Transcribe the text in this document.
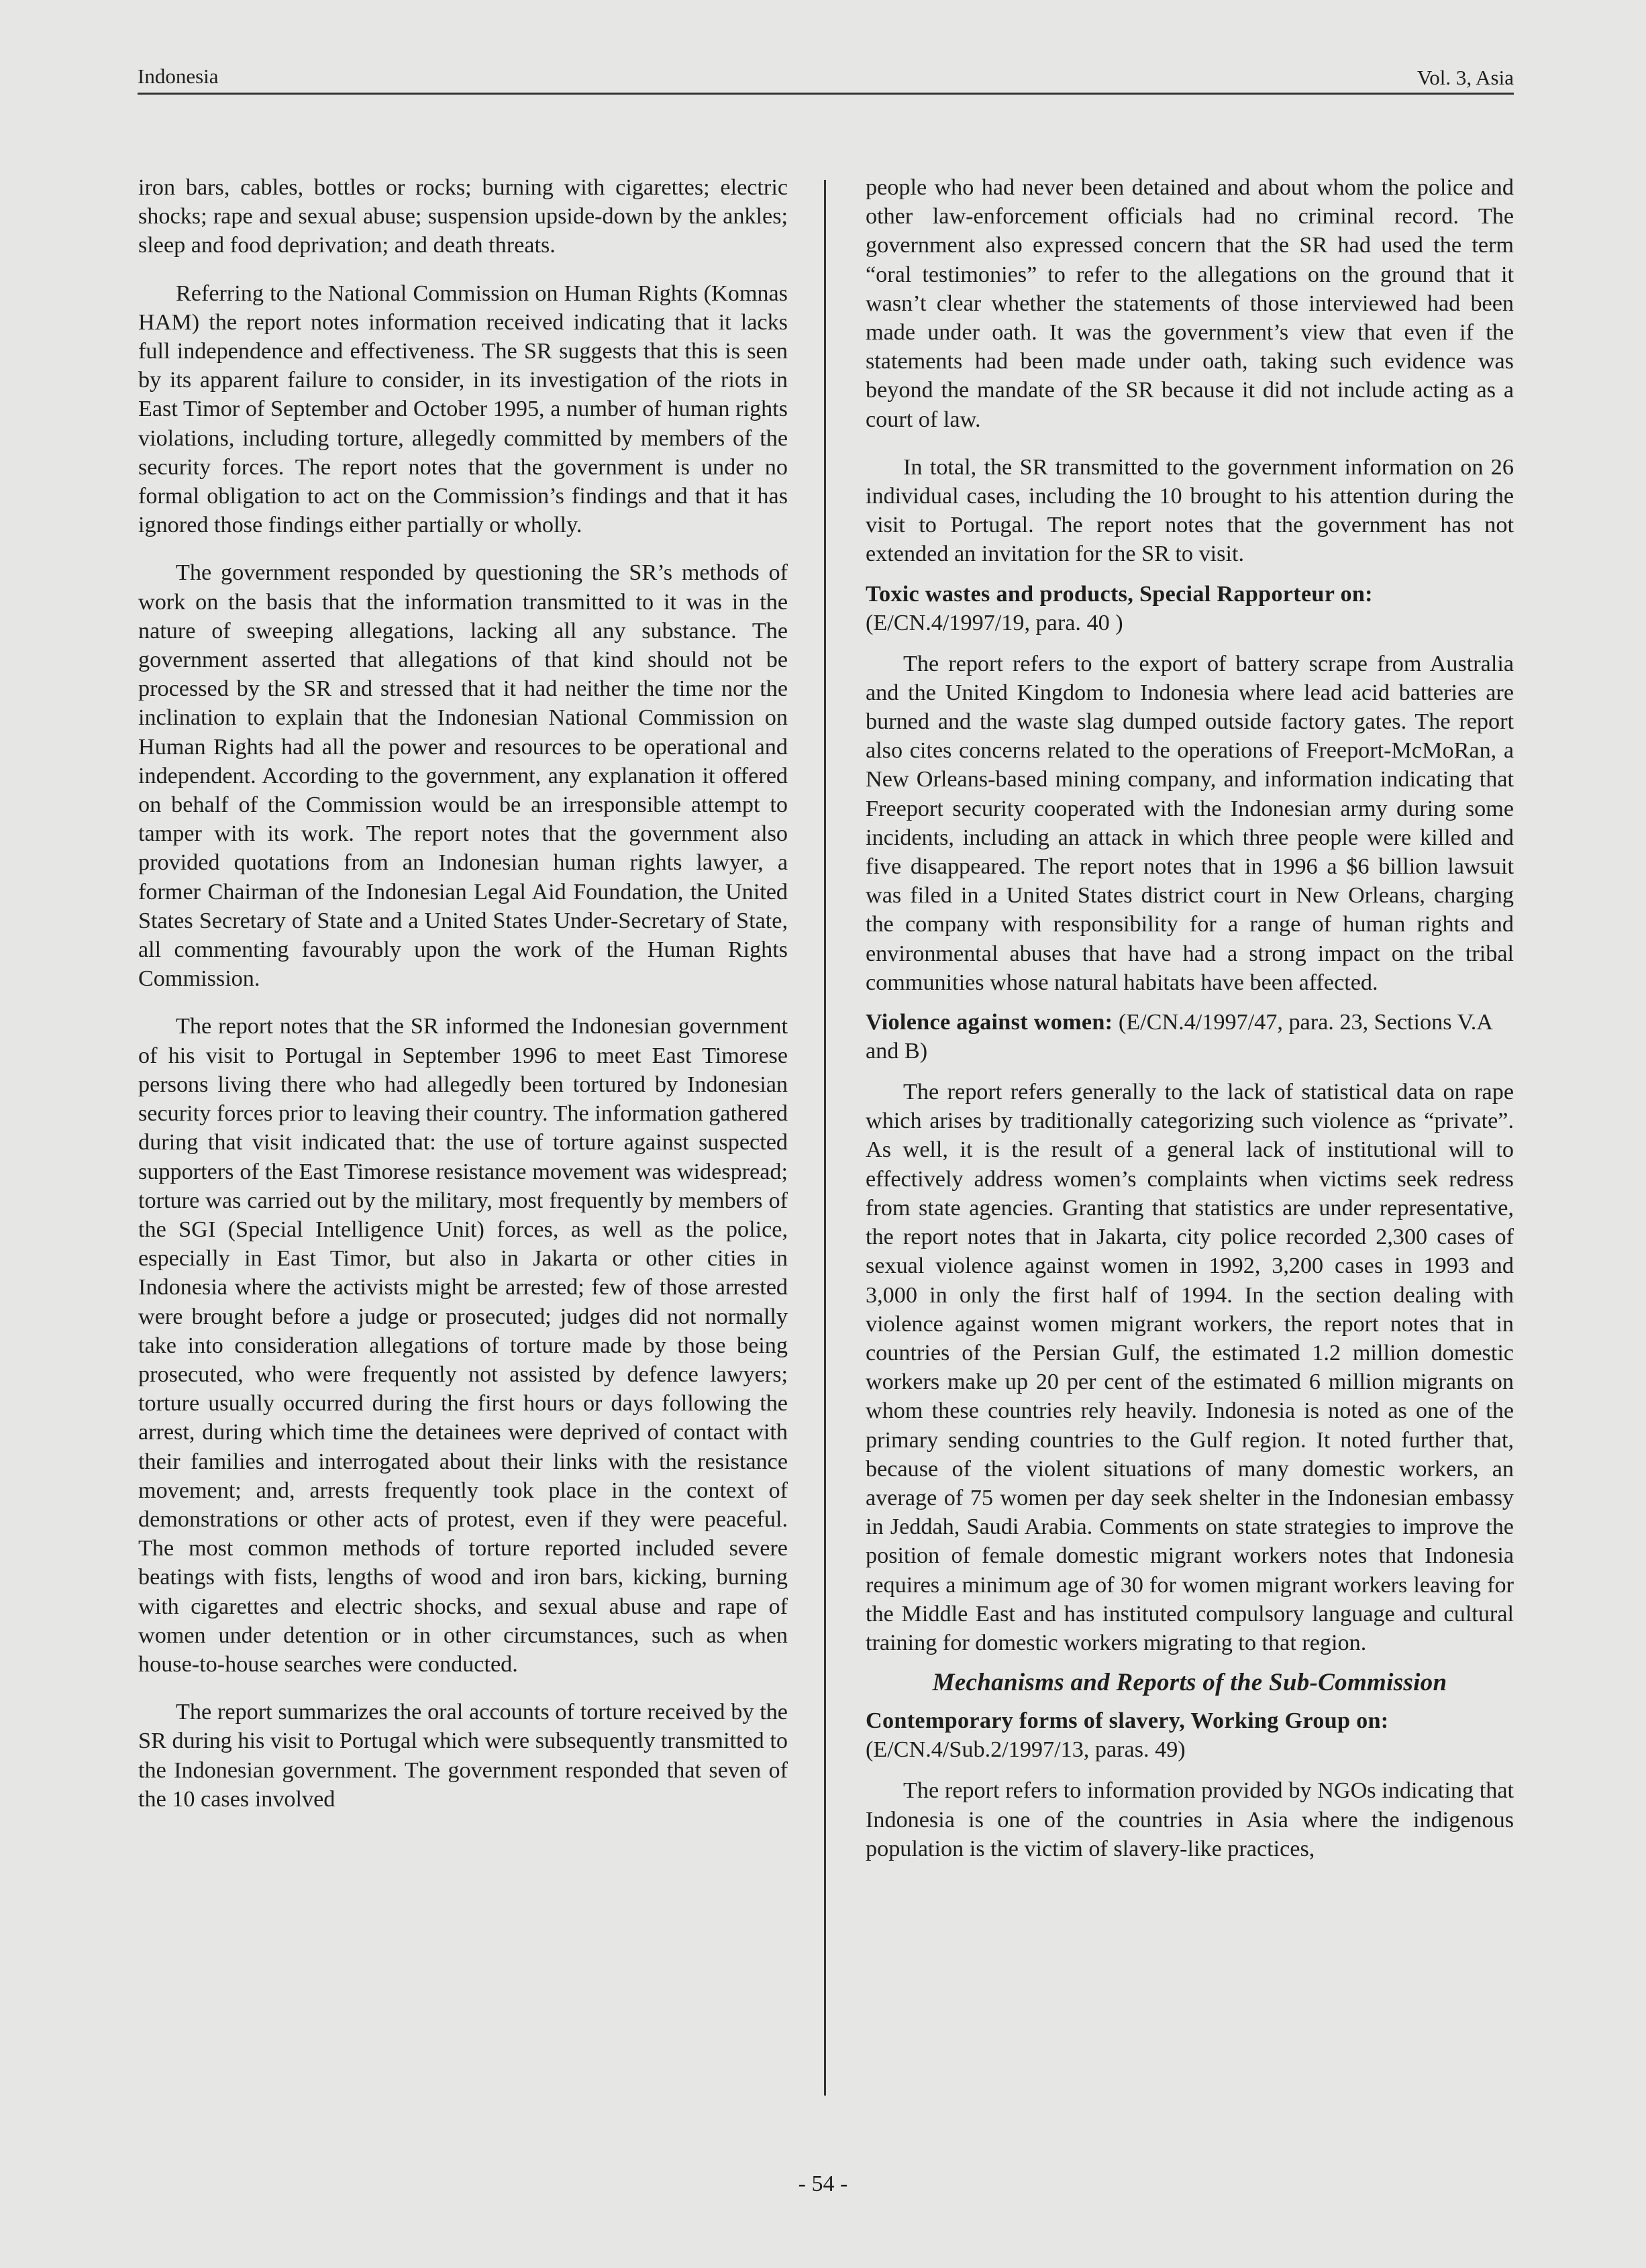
Indonesia	Vol. 3, Asia

iron bars, cables, bottles or rocks; burning with cigarettes; electric shocks; rape and sexual abuse; suspension upside-down by the ankles; sleep and food deprivation; and death threats.

Referring to the National Commission on Human Rights (Komnas HAM) the report notes information received indicating that it lacks full independence and effectiveness. The SR suggests that this is seen by its apparent failure to consider, in its investigation of the riots in East Timor of September and October 1995, a number of human rights violations, including torture, allegedly committed by members of the security forces. The report notes that the government is under no formal obligation to act on the Commission’s findings and that it has ignored those findings either partially or wholly.

The government responded by questioning the SR’s methods of work on the basis that the information transmitted to it was in the nature of sweeping allegations, lacking all any substance. The government asserted that allegations of that kind should not be processed by the SR and stressed that it had neither the time nor the inclination to explain that the Indonesian National Commission on Human Rights had all the power and resources to be operational and independent. According to the government, any explanation it offered on behalf of the Commission would be an irresponsible attempt to tamper with its work. The report notes that the government also provided quotations from an Indonesian human rights lawyer, a former Chairman of the Indonesian Legal Aid Foundation, the United States Secretary of State and a United States Under-Secretary of State, all commenting favourably upon the work of the Human Rights Commission.

The report notes that the SR informed the Indonesian government of his visit to Portugal in September 1996 to meet East Timorese persons living there who had allegedly been tortured by Indonesian security forces prior to leaving their country. The information gathered during that visit indicated that: the use of torture against suspected supporters of the East Timorese resistance movement was widespread; torture was carried out by the military, most frequently by members of the SGI (Special Intelligence Unit) forces, as well as the police, especially in East Timor, but also in Jakarta or other cities in Indonesia where the activists might be arrested; few of those arrested were brought before a judge or prosecuted; judges did not normally take into consideration allegations of torture made by those being prosecuted, who were frequently not assisted by defence lawyers; torture usually occurred during the first hours or days following the arrest, during which time the detainees were deprived of contact with their families and interrogated about their links with the resistance movement; and, arrests frequently took place in the context of demonstrations or other acts of protest, even if they were peaceful. The most common methods of torture reported included severe beatings with fists, lengths of wood and iron bars, kicking, burning with cigarettes and electric shocks, and sexual abuse and rape of women under detention or in other circumstances, such as when house-to-house searches were conducted.

The report summarizes the oral accounts of torture received by the SR during his visit to Portugal which were subsequently transmitted to the Indonesian government. The government responded that seven of the 10 cases involved

people who had never been detained and about whom the police and other law-enforcement officials had no criminal record. The government also expressed concern that the SR had used the term “oral testimonies” to refer to the allegations on the ground that it wasn’t clear whether the statements of those interviewed had been made under oath. It was the government’s view that even if the statements had been made under oath, taking such evidence was beyond the mandate of the SR because it did not include acting as a court of law.

In total, the SR transmitted to the government information on 26 individual cases, including the 10 brought to his attention during the visit to Portugal. The report notes that the government has not extended an invitation for the SR to visit.

Toxic wastes and products, Special Rapporteur on:
(E/CN.4/1997/19, para. 40 )

The report refers to the export of battery scrape from Australia and the United Kingdom to Indonesia where lead acid batteries are burned and the waste slag dumped outside factory gates. The report also cites concerns related to the operations of Freeport-McMoRan, a New Orleans-based mining company, and information indicating that Freeport security cooperated with the Indonesian army during some incidents, including an attack in which three people were killed and five disappeared. The report notes that in 1996 a $6 billion lawsuit was filed in a United States district court in New Orleans, charging the company with responsibility for a range of human rights and environmental abuses that have had a strong impact on the tribal communities whose natural habitats have been affected.

Violence against women: (E/CN.4/1997/47, para. 23, Sections V.A and B)

The report refers generally to the lack of statistical data on rape which arises by traditionally categorizing such violence as “private”. As well, it is the result of a general lack of institutional will to effectively address women’s complaints when victims seek redress from state agencies. Granting that statistics are under representative, the report notes that in Jakarta, city police recorded 2,300 cases of sexual violence against women in 1992, 3,200 cases in 1993 and 3,000 in only the first half of 1994. In the section dealing with violence against women migrant workers, the report notes that in countries of the Persian Gulf, the estimated 1.2 million domestic workers make up 20 per cent of the estimated 6 million migrants on whom these countries rely heavily. Indonesia is noted as one of the primary sending countries to the Gulf region. It noted further that, because of the violent situations of many domestic workers, an average of 75 women per day seek shelter in the Indonesian embassy in Jeddah, Saudi Arabia. Comments on state strategies to improve the position of female domestic migrant workers notes that Indonesia requires a minimum age of 30 for women migrant workers leaving for the Middle East and has instituted compulsory language and cultural training for domestic workers migrating to that region.

Mechanisms and Reports of the Sub-Commission
Contemporary forms of slavery, Working Group on:
(E/CN.4/Sub.2/1997/13, paras. 49)

The report refers to information provided by NGOs indicating that Indonesia is one of the countries in Asia where the indigenous population is the victim of slavery-like practices,

- 54 -
